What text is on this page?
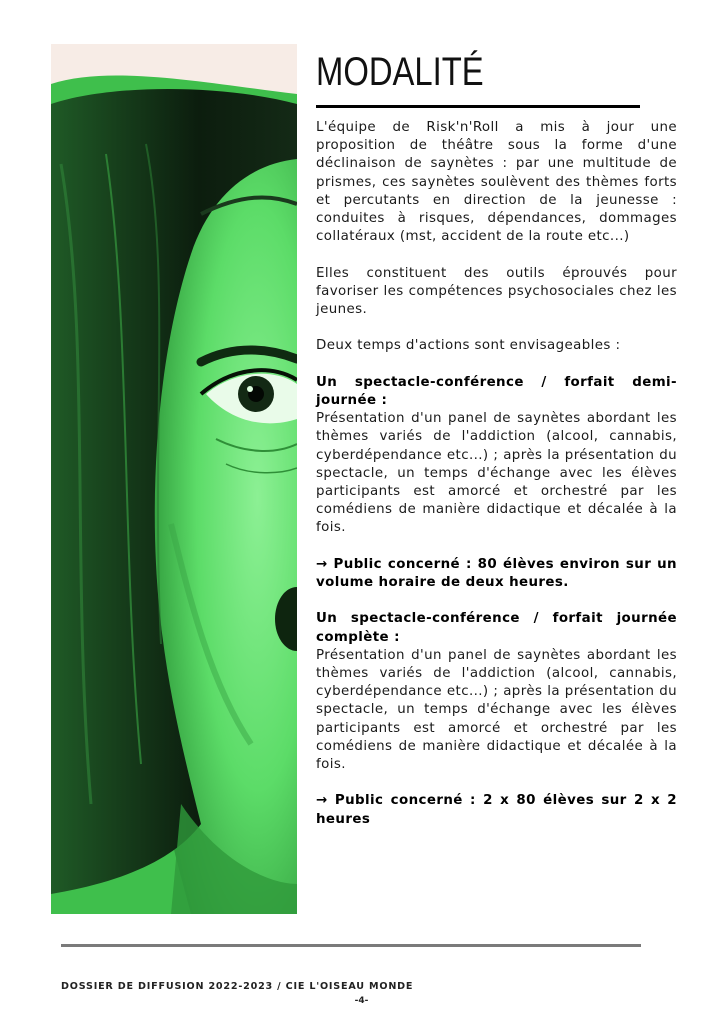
MODALITÉ

L'équipe de Risk'n'Roll a mis à jour une proposition de théâtre sous la forme d'une déclinaison de saynètes : par une multitude de prismes, ces saynètes soulèvent des thèmes forts et percutants en direction de la jeunesse : conduites à risques, dépendances, dommages collatéraux (mst, accident de la route etc...)

Elles constituent des outils éprouvés pour favoriser les compétences psychosociales chez les jeunes.

Deux temps d'actions sont envisageables :

Un spectacle-conférence / forfait demi-journée :

Présentation d'un panel de saynètes abordant les thèmes variés de l'addiction (alcool, cannabis, cyberdépendance etc...) ; après la présentation du spectacle, un temps d'échange avec les élèves participants est amorcé et orchestré par les comédiens de manière didactique et décalée à la fois.

→ Public concerné : 80 élèves environ sur un volume horaire de deux heures.

Un spectacle-conférence / forfait journée complète :

Présentation d'un panel de saynètes abordant les thèmes variés de l'addiction (alcool, cannabis, cyberdépendance etc...) ; après la présentation du spectacle, un temps d'échange avec les élèves participants est amorcé et orchestré par les comédiens de manière didactique et décalée à la fois.

→ Public concerné : 2 x 80 élèves sur 2 x 2 heures

DOSSIER DE DIFFUSION 2022-2023 / CIE L'OISEAU MONDE
-4-
